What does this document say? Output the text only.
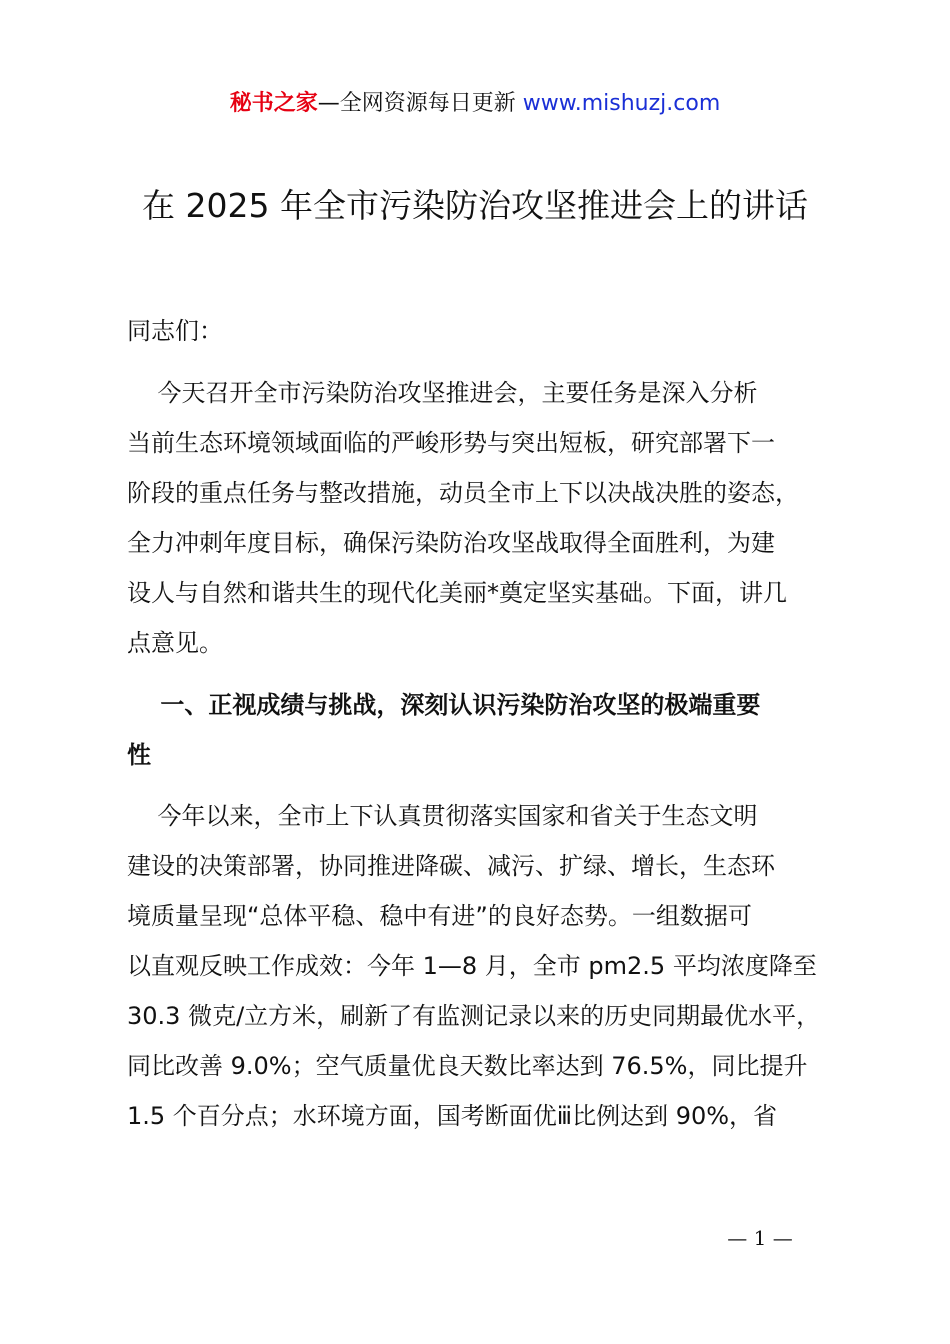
秘书之家—全网资源每日更新 www.mishuzj.com
在 2025 年全市污染防治攻坚推进会上的讲话
同志们：
今天召开全市污染防治攻坚推进会，主要任务是深入分析
当前生态环境领域面临的严峻形势与突出短板，研究部署下一
阶段的重点任务与整改措施，动员全市上下以决战决胜的姿态，
全力冲刺年度目标，确保污染防治攻坚战取得全面胜利，为建
设人与自然和谐共生的现代化美丽*奠定坚实基础。下面，讲几
点意见。
一、正视成绩与挑战，深刻认识污染防治攻坚的极端重要
性
今年以来，全市上下认真贯彻落实国家和省关于生态文明
建设的决策部署，协同推进降碳、减污、扩绿、增长，生态环
境质量呈现“总体平稳、稳中有进”的良好态势。一组数据可
以直观反映工作成效：今年 1—8 月，全市 pm2.5 平均浓度降至
30.3 微克/立方米，刷新了有监测记录以来的历史同期最优水平，
同比改善 9.0%；空气质量优良天数比率达到 76.5%，同比提升
1.5 个百分点；水环境方面，国考断面优ⅲ比例达到 90%，省
— 1 —
